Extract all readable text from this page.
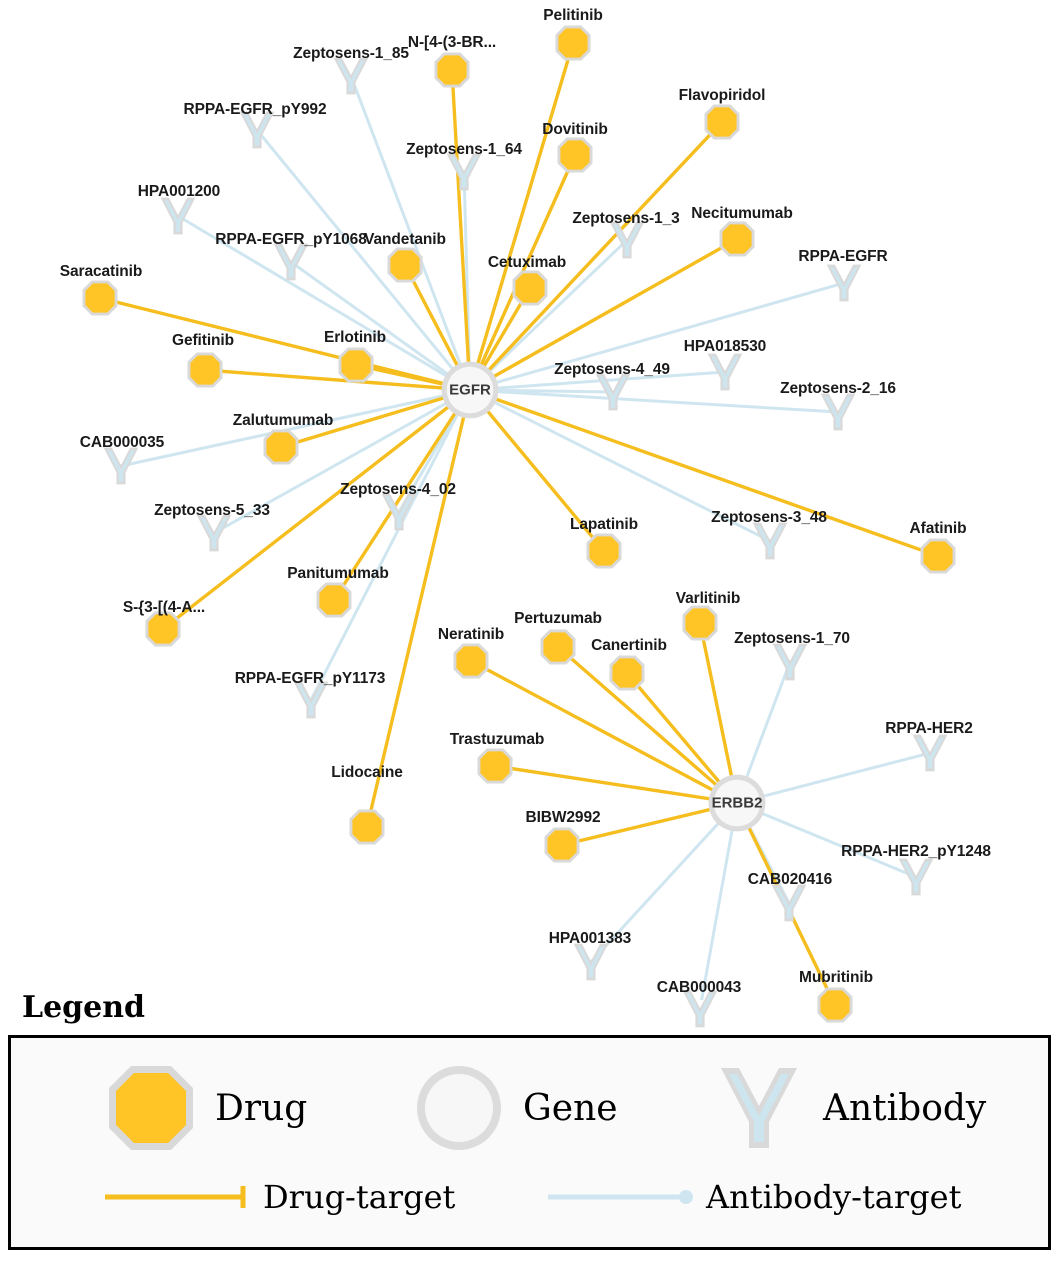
Zeptosens-1_85
RPPA-EGFR_pY992
Zeptosens-1_64
HPA001200
Zeptosens-1_3
RPPA-EGFR_pY1068
RPPA-EGFR
HPA018530
Zeptosens-4_49
Zeptosens-2_16
CAB000035
Zeptosens-4_02
Zeptosens-5_33	Zeptosens-3_48
Zeptosens-1_70
RPPA-EGFR_pY1173
RPPA-HER2
RPPA-HER2_pY1248
CAB020416
HPA001383
CAB000043
Pelitinib
N-[4-(3-BR...
Flavopiridol
Dovitinib
Necitumumab
Vandetanib
Cetuximab
Saracatinib
Gefitinib	Erlotinib
Zalutumumab
Afatinib
Lapatinib
Varlitinib
Panitumumab
S-{3-[(4-A...
Pertuzumab
Neratinib
Canertinib
Trastuzumab
Lidocaine
BIBW2992
Mubritinib
EGFR
ERBB2
Legend
Drug	Gene	Antibody
Drug-target	Antibody-target
